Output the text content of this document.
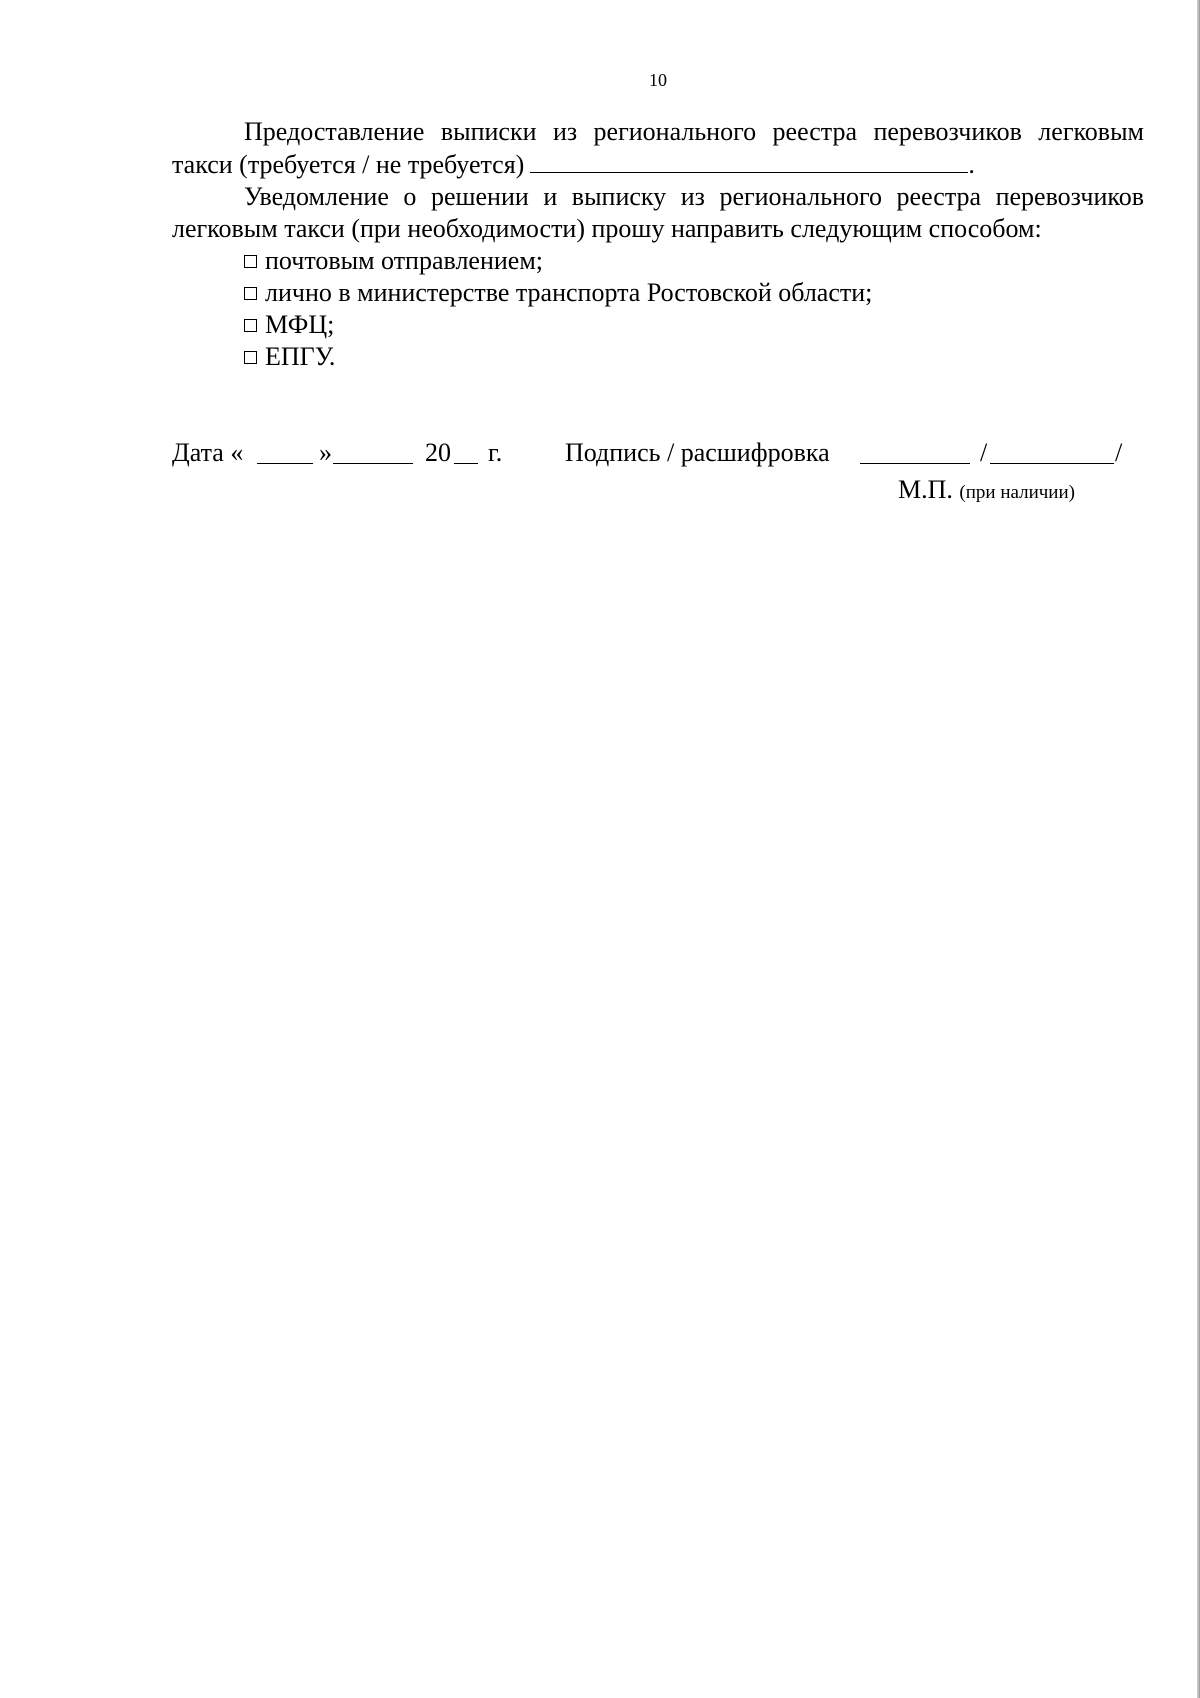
10

Предоставление выписки из регионального реестра перевозчиков легковым такси (требуется / не требуется)	.

Уведомление о решении и выписку из регионального реестра перевозчиков легковым такси (при необходимости) прошу направить следующим способом:

почтовым отправлением;
лично в министерстве транспорта Ростовской области;
МФЦ;
ЕПГУ.
Дата «	»	20 г. Подпись / расшифровка	/	/
М.П. (при наличии)
